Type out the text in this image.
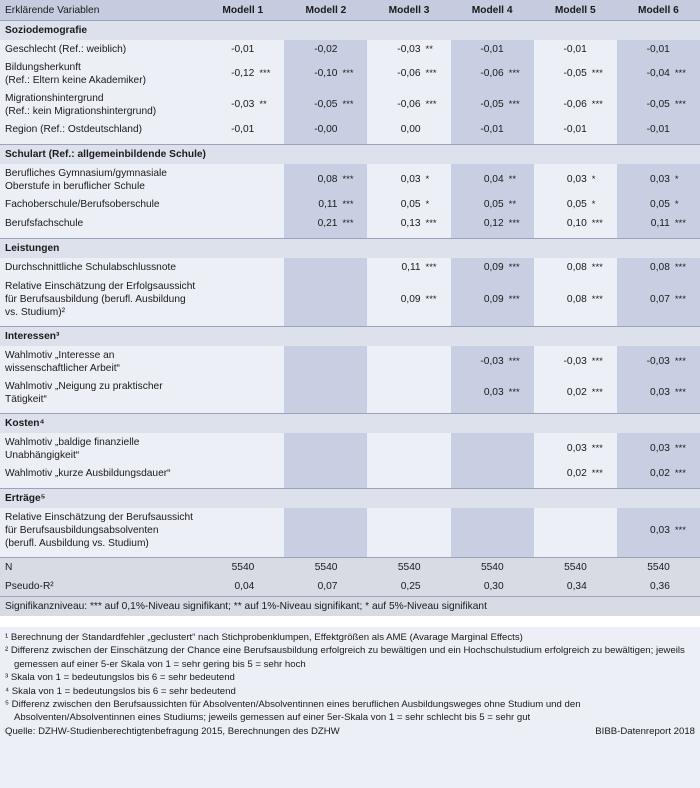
Erklärende Variablen	Modell 1		Modell 2		Modell 3		Modell 4		Modell 5		Modell 6	
Soziodemografie												
Geschlecht (Ref.: weiblich)	-0,01		-0,02		-0,03	**	-0,01		-0,01		-0,01	
Bildungsherkunft
(Ref.: Eltern keine Akademiker)	-0,12	***	-0,10	***	-0,06	***	-0,06	***	-0,05	***	-0,04	***
Migrationshintergrund
(Ref.: kein Migrationshintergrund)	-0,03	**	-0,05	***	-0,06	***	-0,05	***	-0,06	***	-0,05	***
Region (Ref.: Ostdeutschland)	-0,01		-0,00		0,00		-0,01		-0,01		-0,01	

Schulart (Ref.: allgemeinbildende Schule)												
Berufliches Gymnasium/gymnasiale
Oberstufe in beruflicher Schule			0,08	***	0,03	*	0,04	**	0,03	*	0,03	*
Fachoberschule/Berufsoberschule			0,11	***	0,05	*	0,05	**	0,05	*	0,05	*
Berufsfachschule			0,21	***	0,13	***	0,12	***	0,10	***	0,11	***

Leistungen												
Durchschnittliche Schulabschlussnote					0,11	***	0,09	***	0,08	***	0,08	***
Relative Einschätzung der Erfolgsaussicht
für Berufsausbildung (berufl. Ausbildung
vs. Studium)²					0,09	***	0,09	***	0,08	***	0,07	***

Interessen³												
Wahlmotiv „Interesse an
wissenschaftlicher Arbeit“							-0,03	***	-0,03	***	-0,03	***
Wahlmotiv „Neigung zu praktischer
Tätigkeit“							0,03	***	0,02	***	0,03	***

Kosten⁴												
Wahlmotiv „baldige finanzielle
Unabhängigkeit“									0,03	***	0,03	***
Wahlmotiv „kurze Ausbildungsdauer“									0,02	***	0,02	***

Erträge⁵												
Relative Einschätzung der Berufsaussicht
für Berufsausbildungsabsolventen
(berufl. Ausbildung vs. Studium)											0,03	***

N	5540		5540		5540		5540		5540		5540	
Pseudo-R²	0,04		0,07		0,25		0,30		0,34		0,36	
Signifikanzniveau: *** auf 0,1%-Niveau signifikant; ** auf 1%-Niveau signifikant; * auf 5%-Niveau signifikant												
¹ Berechnung der Standardfehler „geclustert“ nach Stichprobenklumpen, Effektgrößen als AME (Avarage Marginal Effects)
² Differenz zwischen der Einschätzung der Chance eine Berufsausbildung erfolgreich zu bewältigen und ein Hochschulstudium erfolgreich zu bewältigen; jeweils gemessen auf einer 5-er Skala von 1 = sehr gering bis 5 = sehr hoch
³ Skala von 1 = bedeutungslos bis 6 = sehr bedeutend
⁴ Skala von 1 = bedeutungslos bis 6 = sehr bedeutend
⁵ Differenz zwischen den Berufsaussichten für Absolventen/Absolventinnen eines beruflichen Ausbildungsweges ohne Studium und den Absolventen/Absolventinnen eines Studiums; jeweils gemessen auf einer 5er-Skala von 1 = sehr schlecht bis 5 = sehr gut
Quelle: DZHW-Studienberechtigtenbefragung 2015, Berechnungen des DZHW	BIBB-Datenreport 2018
